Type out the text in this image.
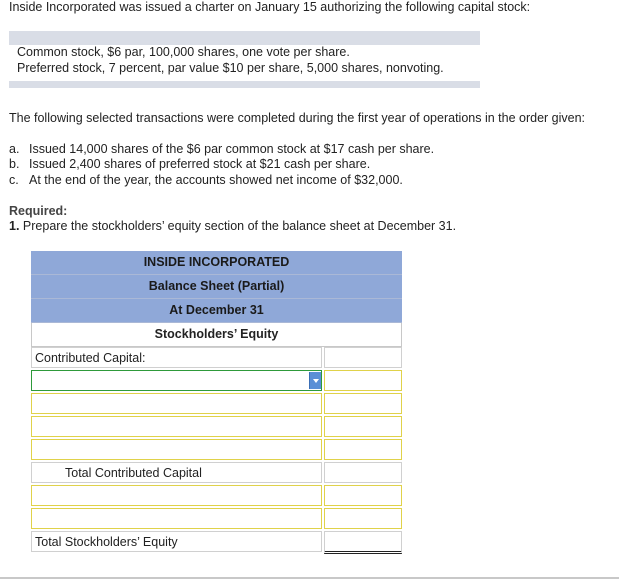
Inside Incorporated was issued a charter on January 15 authorizing the following capital stock:
Common stock, $6 par, 100,000 shares, one vote per share.
Preferred stock, 7 percent, par value $10 per share, 5,000 shares, nonvoting.
The following selected transactions were completed during the first year of operations in the order given:
a. Issued 14,000 shares of the $6 par common stock at $17 cash per share.
b. Issued 2,400 shares of preferred stock at $21 cash per share.
c. At the end of the year, the accounts showed net income of $32,000.
Required:
1. Prepare the stockholders’ equity section of the balance sheet at December 31.
INSIDE INCORPORATED
Balance Sheet (Partial)
At December 31
Stockholders’ Equity
Contributed Capital:
Total Contributed Capital
Total Stockholders’ Equity
